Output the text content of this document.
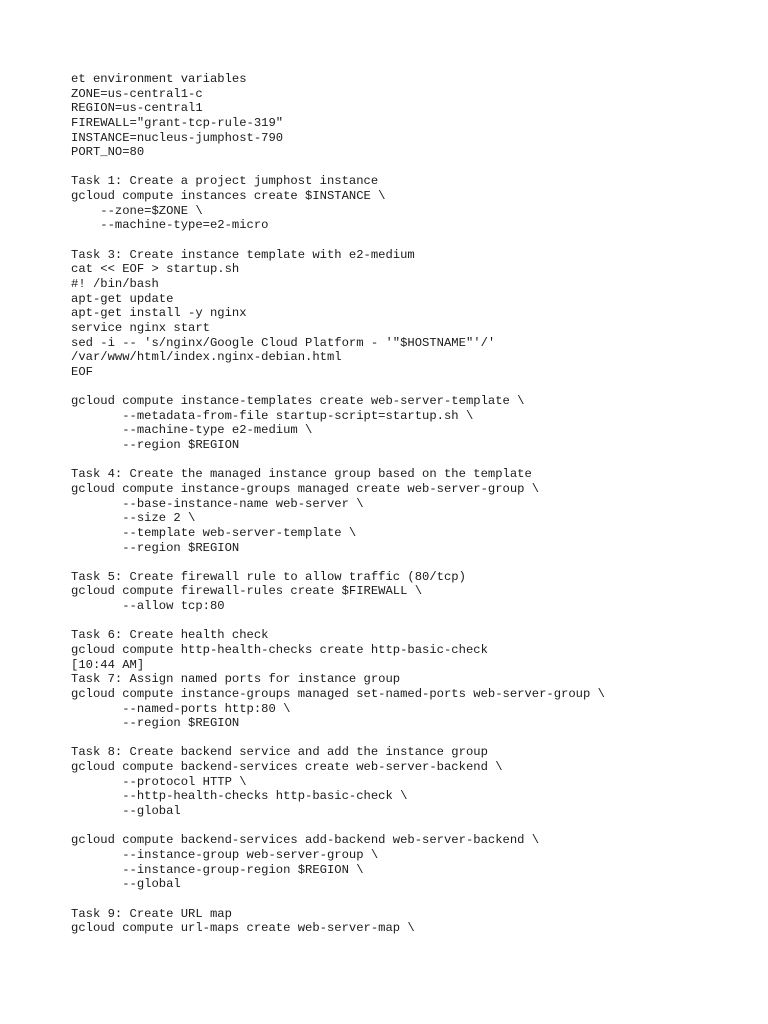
et environment variables
ZONE=us-central1-c
REGION=us-central1
FIREWALL="grant-tcp-rule-319"
INSTANCE=nucleus-jumphost-790
PORT_NO=80
Task 1: Create a project jumphost instance
gcloud compute instances create $INSTANCE \
--zone=$ZONE \
--machine-type=e2-micro
Task 3: Create instance template with e2-medium
cat << EOF > startup.sh
#! /bin/bash
apt-get update
apt-get install -y nginx
service nginx start
sed -i -- 's/nginx/Google Cloud Platform - '"$HOSTNAME"'/'
/var/www/html/index.nginx-debian.html
EOF
gcloud compute instance-templates create web-server-template \
--metadata-from-file startup-script=startup.sh \
--machine-type e2-medium \
--region $REGION
Task 4: Create the managed instance group based on the template
gcloud compute instance-groups managed create web-server-group \
--base-instance-name web-server \
--size 2 \
--template web-server-template \
--region $REGION
Task 5: Create firewall rule to allow traffic (80/tcp)
gcloud compute firewall-rules create $FIREWALL \
--allow tcp:80
Task 6: Create health check
gcloud compute http-health-checks create http-basic-check
[10:44 AM]
Task 7: Assign named ports for instance group
gcloud compute instance-groups managed set-named-ports web-server-group \
--named-ports http:80 \
--region $REGION
Task 8: Create backend service and add the instance group
gcloud compute backend-services create web-server-backend \
--protocol HTTP \
--http-health-checks http-basic-check \
--global
gcloud compute backend-services add-backend web-server-backend \
--instance-group web-server-group \
--instance-group-region $REGION \
--global
Task 9: Create URL map
gcloud compute url-maps create web-server-map \
